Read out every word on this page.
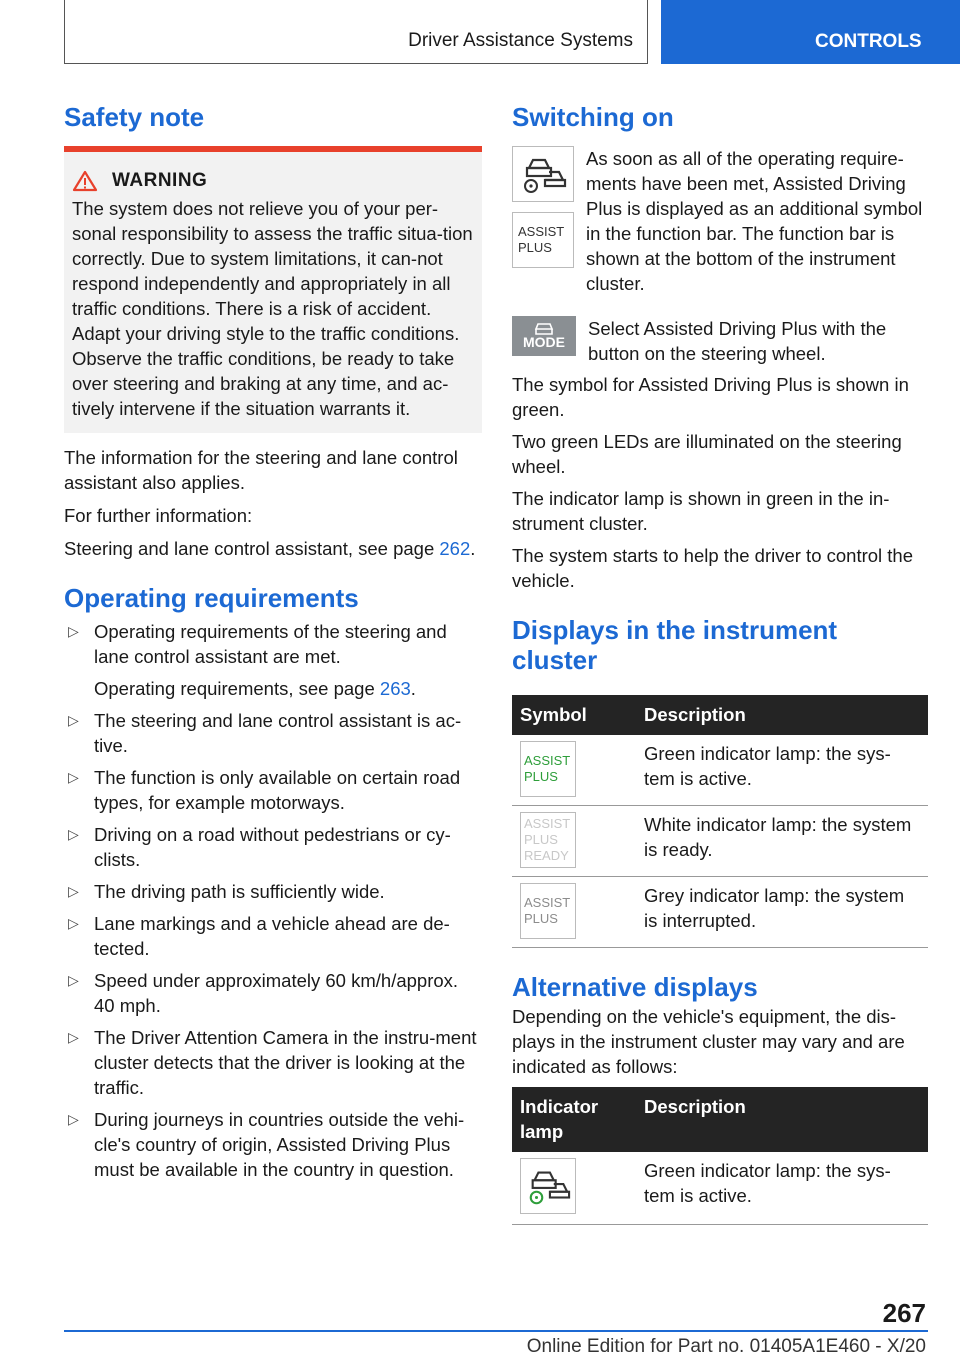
Driver Assistance Systems	CONTROLS
Safety note
WARNING

The system does not relieve you of your per-sonal responsibility to assess the traffic situa-tion correctly. Due to system limitations, it can-not respond independently and appropriately in all traffic conditions. There is a risk of accident. Adapt your driving style to the traffic conditions. Observe the traffic conditions, be ready to take over steering and braking at any time, and ac-tively intervene if the situation warrants it.

The information for the steering and lane control assistant also applies.

For further information:

Steering and lane control assistant, see page 262.

Operating requirements
▷ Operating requirements of the steering and lane control assistant are met.
Operating requirements, see page 263.
▷ The steering and lane control assistant is ac-tive.
▷ The function is only available on certain road types, for example motorways.
▷ Driving on a road without pedestrians or cy-clists.
▷ The driving path is sufficiently wide.
▷ Lane markings and a vehicle ahead are de-tected.
▷ Speed under approximately 60 km/h/approx. 40 mph.
▷ The Driver Attention Camera in the instru-ment cluster detects that the driver is looking at the traffic.
▷ During journeys in countries outside the vehi-cle's country of origin, Assisted Driving Plus must be available in the country in question.
Switching on
ASSIST PLUS

As soon as all of the operating require-ments have been met, Assisted Driving Plus is displayed as an additional symbol in the function bar. The function bar is shown at the bottom of the instrument cluster.

MODE

Select Assisted Driving Plus with the button on the steering wheel.

The symbol for Assisted Driving Plus is shown in green.

Two green LEDs are illuminated on the steering wheel.

The indicator lamp is shown in green in the in-strument cluster.

The system starts to help the driver to control the vehicle.

Displays in the instrument cluster
Symbol	Description

ASSIST PLUS	Green indicator lamp: the sys-tem is active.

ASSIST PLUS READY	White indicator lamp: the system is ready.

ASSIST PLUS	Grey indicator lamp: the system is interrupted.
Alternative displays

Depending on the vehicle's equipment, the dis-plays in the instrument cluster may vary and are indicated as follows:

Indicator lamp	Description

	Green indicator lamp: the sys-tem is active.
267
Online Edition for Part no. 01405A1E460 - X/20
